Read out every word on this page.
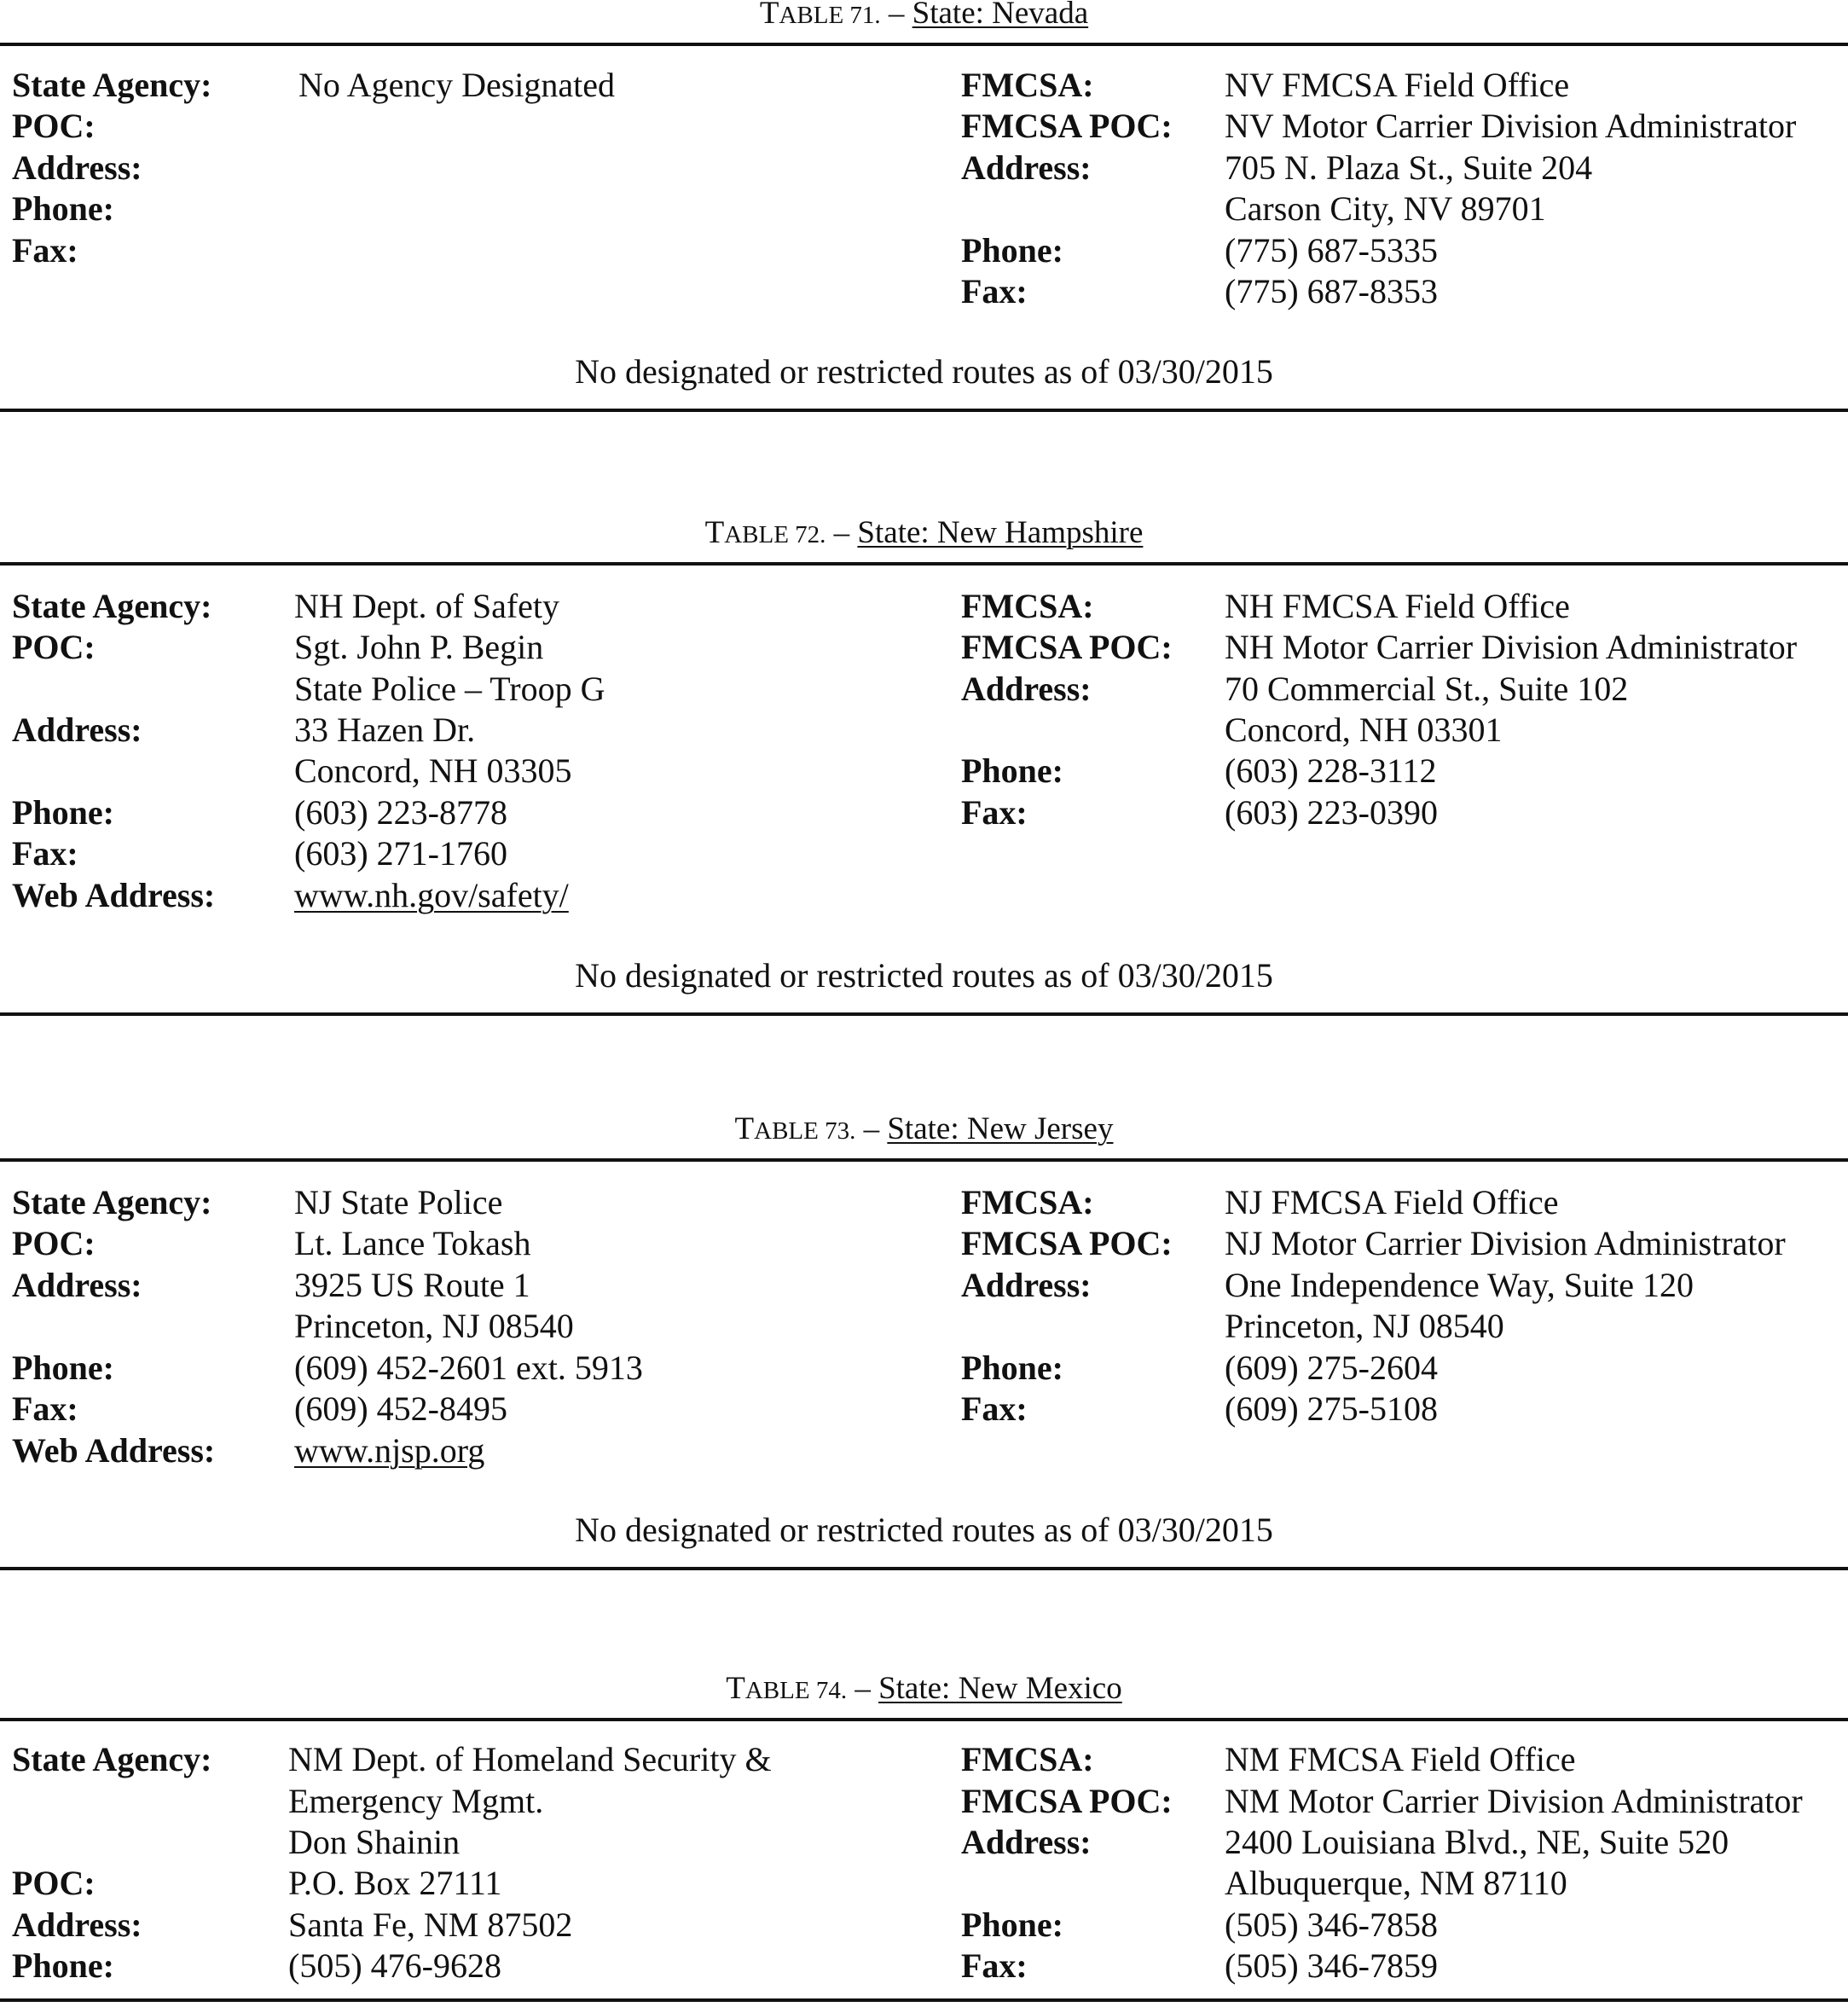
TABLE 71. – State: Nevada
State Agency:	No Agency Designated
POC:
Address:
Phone:
Fax:
FMCSA:	NV FMCSA Field Office
FMCSA POC: NV Motor Carrier Division Administrator
Address:	705 N. Plaza St., Suite 204
Carson City, NV 89701
Phone:	(775) 687-5335
Fax:	(775) 687-8353
No designated or restricted routes as of 03/30/2015
TABLE 72. – State: New Hampshire
State Agency: NH Dept. of Safety
POC:	Sgt. John P. Begin
State Police – Troop G
Address:	33 Hazen Dr.
Concord, NH 03305
Phone:	(603) 223-8778
Fax:	(603) 271-1760
Web Address: www.nh.gov/safety/
FMCSA:	NH FMCSA Field Office
FMCSA POC: NH Motor Carrier Division Administrator
Address:	70 Commercial St., Suite 102
Concord, NH 03301
Phone:	(603) 228-3112
Fax:	(603) 223-0390
No designated or restricted routes as of 03/30/2015
TABLE 73. – State: New Jersey
State Agency: NJ State Police
POC:	Lt. Lance Tokash
Address:	3925 US Route 1
Princeton, NJ 08540
Phone:	(609) 452-2601 ext. 5913
Fax:	(609) 452-8495
Web Address: www.njsp.org
FMCSA:	NJ FMCSA Field Office
FMCSA POC: NJ Motor Carrier Division Administrator
Address:	One Independence Way, Suite 120
Princeton, NJ 08540
Phone:	(609) 275-2604
Fax:	(609) 275-5108
No designated or restricted routes as of 03/30/2015
TABLE 74. – State: New Mexico
State Agency: NM Dept. of Homeland Security &
Emergency Mgmt.
Don Shainin
POC:	P.O. Box 27111
Address:	Santa Fe, NM 87502
Phone:	(505) 476-9628
FMCSA:	NM FMCSA Field Office
FMCSA POC: NM Motor Carrier Division Administrator
Address:	2400 Louisiana Blvd., NE, Suite 520
Albuquerque, NM 87110
Phone:	(505) 346-7858
Fax:	(505) 346-7859
